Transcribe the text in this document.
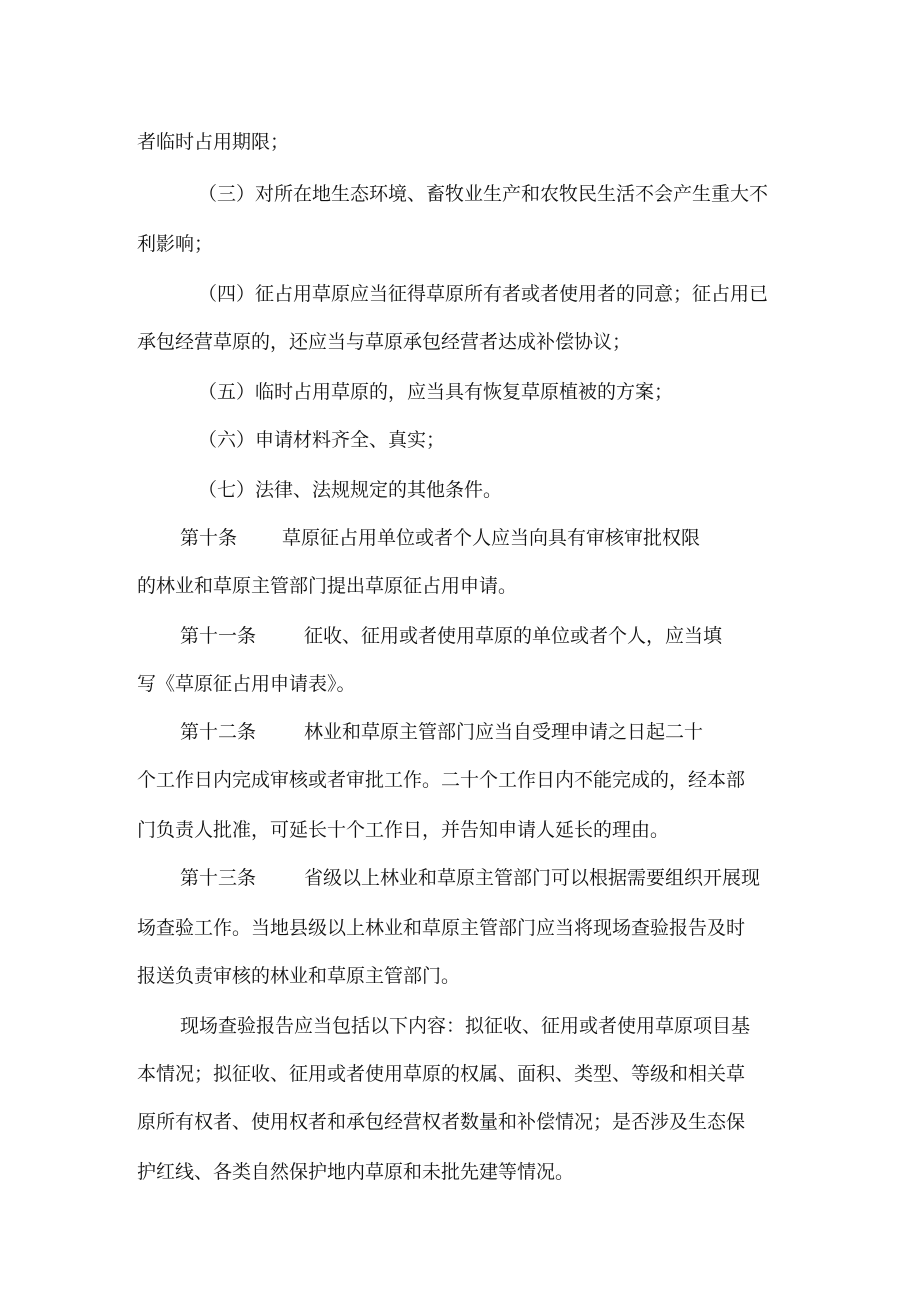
者临时占用期限；
（三）对所在地生态环境、畜牧业生产和农牧民生活不会产生重大不
利影响；
（四）征占用草原应当征得草原所有者或者使用者的同意；征占用已
承包经营草原的，还应当与草原承包经营者达成补偿协议；
（五）临时占用草原的，应当具有恢复草原植被的方案；
（六）申请材料齐全、真实；
（七）法律、法规规定的其他条件。
第十条 草原征占用单位或者个人应当向具有审核审批权限
的林业和草原主管部门提出草原征占用申请。
第十一条	征收、征用或者使用草原的单位或者个人，应当填
写《草原征占用申请表》。
第十二条	林业和草原主管部门应当自受理申请之日起二十
个工作日内完成审核或者审批工作。二十个工作日内不能完成的，经本部
门负责人批准，可延长十个工作日，并告知申请人延长的理由。
第十三条	省级以上林业和草原主管部门可以根据需要组织开展现
场查验工作。当地县级以上林业和草原主管部门应当将现场查验报告及时
报送负责审核的林业和草原主管部门。
现场查验报告应当包括以下内容：拟征收、征用或者使用草原项目基
本情况；拟征收、征用或者使用草原的权属、面积、类型、等级和相关草
原所有权者、使用权者和承包经营权者数量和补偿情况；是否涉及生态保
护红线、各类自然保护地内草原和未批先建等情况。
